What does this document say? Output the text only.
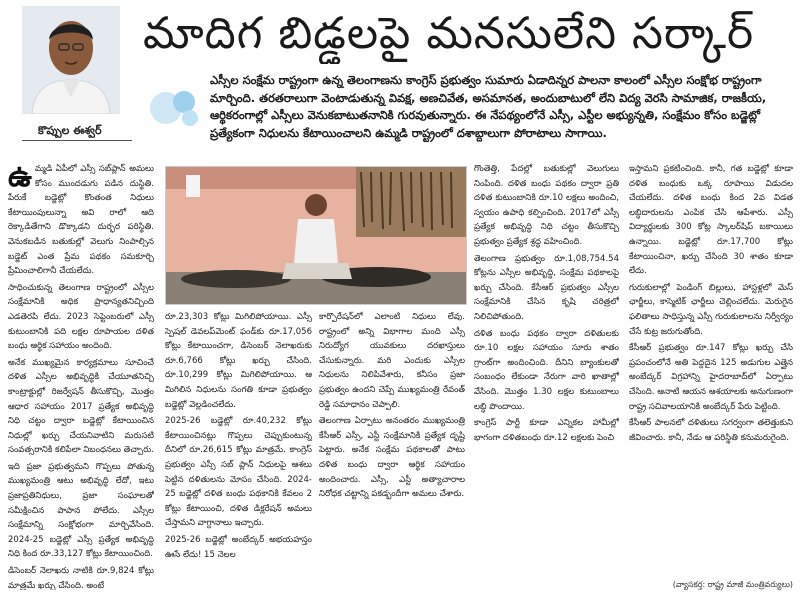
కొప్పుల ఈశ్వర్
మాదిగ బిడ్డలపై మనసులేని సర్కార్
ఎస్సీల సంక్షేమ రాష్ట్రంగా ఉన్న తెలంగాణను కాంగ్రెస్ ప్రభుత్వం సుమారు ఏడాదిన్నర పాలనా కాలంలో ఎస్సీల సంక్షోభ రాష్ట్రంగా మార్చింది. తరతరాలుగా వెంటాడుతున్న వివక్ష, అణచివేత, అసమానత, అందుబాటులో లేని విద్య వెరసి సామాజిక, రాజకీయ, ఆర్థికరంగాల్లో ఎస్సీలు వెనుకబాటుతనానికి గురవుతున్నారు. ఈ నేపథ్యంలోనే ఎస్సీ, ఎస్టీల అభ్యున్నతి, సంక్షేమం కోసం బడ్జెట్లో ప్రత్యేకంగా నిధులను కేటాయించాలని ఉమ్మడి రాష్ట్రంలో దశాబ్దాలుగా పోరాటాలు సాగాయి.

ఉమ్మడి ఏపీలో ఎస్సీ సబ్‌ప్లాన్ అమలు కోసం ముందడుగు పడిన దుస్థితి. పేరుకే బడ్జెట్లో కొంతంత నిధులు కేటాయింపులున్నా అవి రాలో ఆది రెక్కాడితేగాని డొక్కాడని దుర్భర పరిస్థితి. వెనుకబడిన బతుకుల్లో వెలుగు నింపాల్సిన బడ్జెట్ ఎంత ప్రేమ పథకం సమకూర్చి ప్రేమించాలిగానీ చేయలేదు.

సాధించుకున్న తెలంగాణ రాష్ట్రంలో ఎస్సీల సంక్షేమానికి అధిక ప్రాధాన్యతనిచ్చింది ఎడతెరపి లేదు. 2023 సెప్టెంబరులో ఎస్సీ కుటుంబానికి పది లక్షల రూపాయల దళిత బంధు ఆర్థిక సహాయం అందింది.

అనేక ముఖ్యమైన కార్యక్రమాలు సూచించే దళిత ఎస్సీల అభివృద్ధికి చేయూతనిచ్చి కాంట్రాక్టుల్లో రిజర్వేషన్ తీసుకొచ్చి, మొత్తం ఆధార సహాయం 2017 ప్రత్యేక అభివృద్ధి నిధి చట్టం ద్వారా బడ్జెట్లో కేటాయించిన నిధుల్లో ఖర్చు చేయనివాటిని మరుసటి సంవత్సరానికి కలిపేలా నిబంధనలు తెచ్చారు.

ఇది ప్రజా ప్రభుత్వమని గొప్పలు పోతున్న ముఖ్యమంత్రి ఆటు అభివృద్ధి లేదో, ఇటు ప్రజాప్రతినిధులు, ప్రజా సంఘాలతో సమీక్షించిన పాపాన పోలేదు. ఎస్సీల సంక్షేమాన్ని సంక్షోభంగా మార్చివేసింది. 2024-25 బడ్జెట్లో ఎస్సీ ప్రత్యేక అభివృద్ధి నిధి కింద రూ.33,127 కోట్లు కేటాయించింది.

డిసెంబర్ నెలాఖరు నాటికి రూ.9,824 కోట్లు మాత్రమే ఖర్చు చేసింది. అంటే

రూ.23,303 కోట్లు మిగిలిపోయాయి. ఎస్సీ స్పెషల్ డెవలప్‌మెంట్ ఫండ్‌కు రూ.17,056 కోట్లు కేటాయించగా, డిసెంబర్ నెలాఖరుకు రూ.6,766 కోట్లు ఖర్చు చేసింది. రూ.10,299 కోట్లు మిగిలిపోయాయి. ఆ మిగిలిన నిధులను సంగతి కూడా ప్రభుత్వం బడ్జెట్లో వెల్లడించలేదు.

2025-26 బడ్జెట్లో రూ.40,232 కోట్లు కేటాయించినట్లు గొప్పలు చెప్పుకుంటున్న దీనిలో రూ.26,615 కోట్లు మాత్రమే. కాంగ్రెస్ ప్రభుత్వం ఎస్సీ సబ్ ప్లాన్ నిధులపై ఆశలు పెట్టిన దళితులను మోసం చేసింది. 2024-25 బడ్జెట్లో దళిత బంధు పథకానికి కేవలం 2 కోట్లు కేటాయించి, దళిత డిక్లరేషన్ అమలు చేస్తామని వాగ్దానాలు ఇచ్చారు.

2025-26 బడ్జెట్లో అంబేద్కర్ అభయహస్తం ఊసే లేదు! 15 నెలల

కార్పొరేషన్‌లో ఎలాంటి నిధులు లేవు. రాష్ట్రంలో అన్ని విభాగాల మంది ఎస్సీ నిరుద్యోగ యువకులు దరఖాస్తులు చేసుకున్నారు. మరి ఎందుకు ఎస్సీల నిధులను నిలిపివేశారు, కనీసం ప్రజా ప్రభుత్వం ఉందని చెప్పే ముఖ్యమంత్రి రేవంత్ రెడ్డి సమాధానం చెప్పాలి.

తెలంగాణ ఏర్పాటు అనంతరం ముఖ్యమంత్రి కేసీఆర్ ఎస్సీ, ఎస్టీ సంక్షేమానికి ప్రత్యేక దృష్టి పెట్టారు. అనేక సంక్షేమ పథకాలతో పాటు దళిత బంధు ద్వారా ఆర్థిక సహాయం అందించారు. ఎస్సీ, ఎస్టీ అత్యాచారాల నిరోధక చట్టాన్ని పకడ్బందీగా అమలు చేశారు.

గొంతెత్తి, పేదల్లో బతుకుల్లో వెలుగులు నింపింది. దళిత బంధు పథకం ద్వారా ప్రతి దళిత కుటుంబానికి రూ.10 లక్షలు అందించి, స్వయం ఉపాధి కల్పించింది. 2017లో ఎస్సీ ప్రత్యేక అభివృద్ధి నిధి చట్టం తీసుకొచ్చి ప్రభుత్వం ప్రత్యేక శ్రద్ధ వహించింది.

తెలంగాణ ప్రభుత్వం రూ.1,08,754.54 కోట్లను ఎస్సీల అభివృద్ధి, సంక్షేమ పథకాలపై ఖర్చు చేసింది. కేసీఆర్ ప్రభుత్వం ఎస్సీల సంక్షేమానికి చేసిన కృషి చరిత్రలో నిలిచిపోతుంది.

దళిత బంధు పథకం ద్వారా దళితులకు రూ.10 లక్షల సహాయం సూరు శాతం గ్రాంట్‌గా అందించింది. దీనిని బ్యాంకులతో సంబంధం లేకుండా నేరుగా వారి ఖాతాల్లో వేసింది. మొత్తం 1.30 లక్షల కుటుంబాలు లబ్ధి పొందాయి.

కాంగ్రెస్ పార్టీ కూడా ఎన్నికల హామీల్లో భాగంగా దళితబంధు రూ.12 లక్షలకు పెంచి

ఇస్తామని ప్రకటించింది. కానీ, గత బడ్జెట్లో కూడా దళిత బంధుకు ఒక్క రూపాయి విడుదల చేయలేదు. దళిత బంధు కింద 2వ విడత లబ్ధిదారులను ఎంపిక చేసి ఆపేశారు. ఎస్సీ విద్యార్థులకు 300 కోట్ల స్కాలర్‌షిప్ బకాయిలు ఉన్నాయి. బడ్జెట్లో రూ.17,700 కోట్లు కేటాయించినా, ఖర్చు చేసింది 30 శాతం కూడా లేదు.

గురుకులాల్లో పెండింగ్ బిల్లులు, హాస్టళ్లలో మెస్ ఛార్జీలు, కాస్మెటిక్ ఛార్జీలు చెల్లించలేదు. మెరుగైన ఫలితాలు సాధిస్తున్న ఎస్సీ గురుకులాలను నిర్వీర్యం చేసే కుట్ర జరుగుతోంది.

కేసీఆర్ ప్రభుత్వం రూ.147 కోట్లు ఖర్చు చేసి ప్రపంచంలోనే అతి పెద్దదైన 125 అడుగుల ఎత్తైన అంబేద్కర్ విగ్రహాన్ని హైదరాబాద్‌లో ఏర్పాటు చేసింది. ఆనాటి ఆయన ఆశయాలకు అనుగుణంగా రాష్ట్ర సచివాలయానికి అంబేద్కర్ పేరు పెట్టింది.

కేసీఆర్ పాలనలో దళితులు సగర్వంగా తలెత్తుకుని జీవించారు. కానీ, నేడు ఆ పరిస్థితి కనుమరుగైంది.

(వ్యాసకర్త: రాష్ట్ర మాజీ మంత్రివర్యులు)
